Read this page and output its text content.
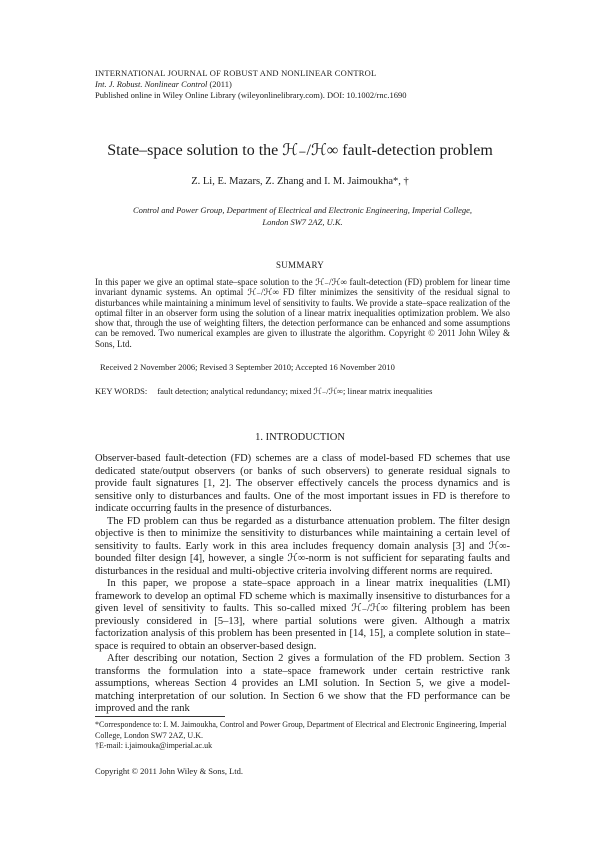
INTERNATIONAL JOURNAL OF ROBUST AND NONLINEAR CONTROL
Int. J. Robust. Nonlinear Control (2011)
Published online in Wiley Online Library (wileyonlinelibrary.com). DOI: 10.1002/rnc.1690
State–space solution to the ℋ₋/ℋ∞ fault-detection problem
Z. Li, E. Mazars, Z. Zhang and I. M. Jaimoukha*, †
Control and Power Group, Department of Electrical and Electronic Engineering, Imperial College,
London SW7 2AZ, U.K.
SUMMARY
In this paper we give an optimal state–space solution to the ℋ₋/ℋ∞ fault-detection (FD) problem for linear time invariant dynamic systems. An optimal ℋ₋/ℋ∞ FD filter minimizes the sensitivity of the residual signal to disturbances while maintaining a minimum level of sensitivity to faults. We provide a state–space realization of the optimal filter in an observer form using the solution of a linear matrix inequalities optimization problem. We also show that, through the use of weighting filters, the detection performance can be enhanced and some assumptions can be removed. Two numerical examples are given to illustrate the algorithm. Copyright © 2011 John Wiley & Sons, Ltd.
Received 2 November 2006; Revised 3 September 2010; Accepted 16 November 2010
KEY WORDS: fault detection; analytical redundancy; mixed ℋ₋/ℋ∞; linear matrix inequalities
1. INTRODUCTION

Observer-based fault-detection (FD) schemes are a class of model-based FD schemes that use dedicated state/output observers (or banks of such observers) to generate residual signals to provide fault signatures [1, 2]. The observer effectively cancels the process dynamics and is sensitive only to disturbances and faults. One of the most important issues in FD is therefore to indicate occurring faults in the presence of disturbances.

The FD problem can thus be regarded as a disturbance attenuation problem. The filter design objective is then to minimize the sensitivity to disturbances while maintaining a certain level of sensitivity to faults. Early work in this area includes frequency domain analysis [3] and ℋ∞-bounded filter design [4], however, a single ℋ∞-norm is not sufficient for separating faults and disturbances in the residual and multi-objective criteria involving different norms are required.

In this paper, we propose a state–space approach in a linear matrix inequalities (LMI) framework to develop an optimal FD scheme which is maximally insensitive to disturbances for a given level of sensitivity to faults. This so-called mixed ℋ₋/ℋ∞ filtering problem has been previously considered in [5–13], where partial solutions were given. Although a matrix factorization analysis of this problem has been presented in [14, 15], a complete solution in state–space is required to obtain an observer-based design.

After describing our notation, Section 2 gives a formulation of the FD problem. Section 3 transforms the formulation into a state–space framework under certain restrictive rank assumptions, whereas Section 4 provides an LMI solution. In Section 5, we give a model-matching interpretation of our solution. In Section 6 we show that the FD performance can be improved and the rank

*Correspondence to: I. M. Jaimoukha, Control and Power Group, Department of Electrical and Electronic Engineering, Imperial College, London SW7 2AZ, U.K.
†E-mail: i.jaimouka@imperial.ac.uk
Copyright © 2011 John Wiley & Sons, Ltd.
